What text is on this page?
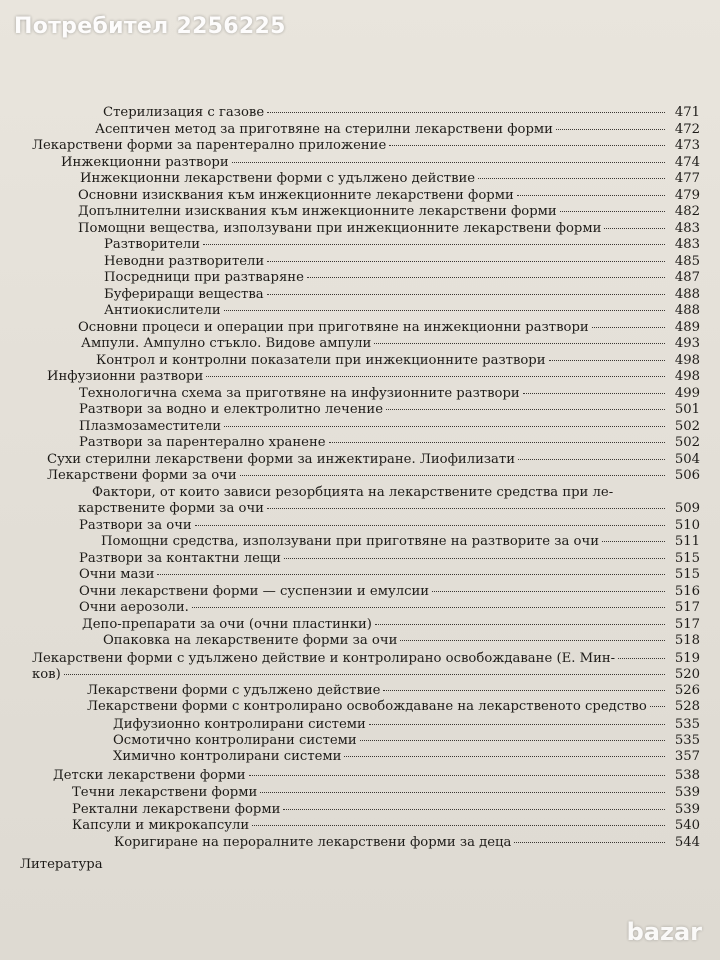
Потребител 2256225
Стерилизация с газове	471
Асептичен метод за приготвяне на стерилни лекарствени форми	472
Лекарствени форми за парентерално приложение	473
Инжекционни разтвори	474
Инжекционни лекарствени форми с удължено действие	477
Основни изисквания към инжекционните лекарствени форми	479
Допълнителни изисквания към инжекционните лекарствени форми	482
Помощни вещества, използувани при инжекционните лекарствени форми	483
Разтворители	483
Неводни разтворители	485
Посредници при разтваряне	487
Буфериращи вещества	488
Антиокислители	488
Основни процеси и операции при приготвяне на инжекционни разтвори	489
Ампули. Ампулно стъкло. Видове ампули	493
Контрол и контролни показатели при инжекционните разтвори	498
Инфузионни разтвори	498
Технологична схема за приготвяне на инфузионните разтвори	499
Разтвори за водно и електролитно лечение	501
Плазмозаместители	502
Разтвори за парентерално хранене	502
Сухи стерилни лекарствени форми за инжектиране. Лиофилизати	504
Лекарствени форми за очи	506
Фактори, от които зависи резорбцията на лекарствените средства при ле-
карствените форми за очи	509
Разтвори за очи	510
Помощни средства, използувани при приготвяне на разтворите за очи	511
Разтвори за контактни лещи	515
Очни мази	515
Очни лекарствени форми — суспензии и емулсии	516
Очни аерозоли.	517
Депо-препарати за очи (очни пластинки)	517
Опаковка на лекарствените форми за очи	518
Лекарствени форми с удължено действие и контролирано освобождаване (Е. Мин-	519
ков)	520
Лекарствени форми с удължено действие	526
Лекарствени форми с контролирано освобождаване на лекарственото средство 528
Дифузионно контролирани системи	535
Осмотично контролирани системи	535
Химично контролирани системи	357
Детски лекарствени форми	538
Течни лекарствени форми	539
Ректални лекарствени форми	539
Капсули и микрокапсули	540
Коригиране на пероралните лекарствени форми за деца	544
Литература
bazar
